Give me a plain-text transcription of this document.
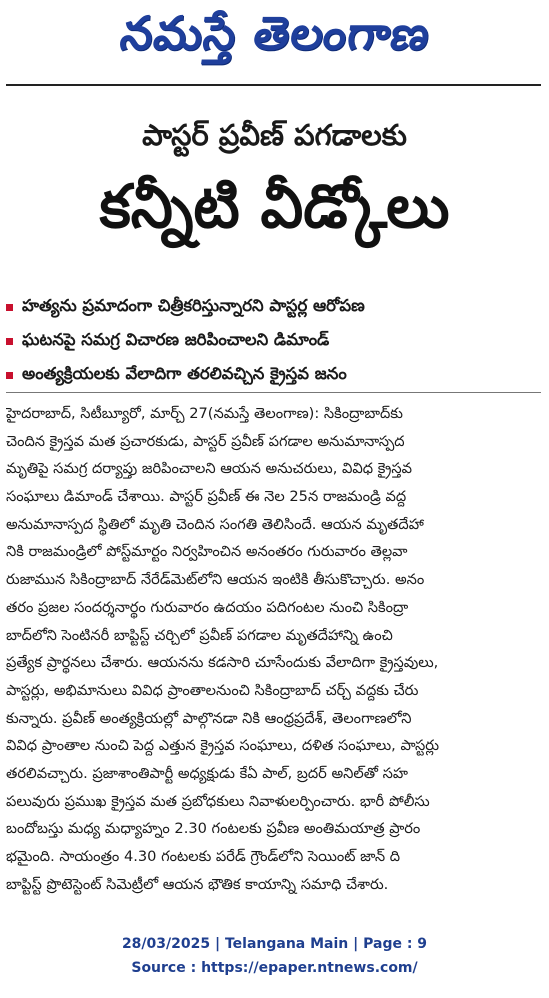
నమస్తే తెలంగాణ
పాస్టర్ ప్రవీణ్ పగడాలకు
కన్నీటి వీడ్కోలు
హత్యను ప్రమాదంగా చిత్రీకరిస్తున్నారని పాస్టర్ల ఆరోపణ
ఘటనపై సమగ్ర విచారణ జరిపించాలని డిమాండ్
అంత్యక్రియలకు వేలాదిగా తరలివచ్చిన క్రైస్తవ జనం
హైదరాబాద్, సిటీబ్యూరో, మార్చ్ 27(నమస్తే తెలంగాణ): సికింద్రాబాద్‌కు
చెందిన క్రైస్తవ మత ప్రచారకుడు, పాస్టర్ ప్రవీణ్ పగడాల అనుమానాస్పద
మృతిపై సమగ్ర దర్యాప్తు జరిపించాలని ఆయన అనుచరులు, వివిధ క్రైస్తవ
సంఘాలు డిమాండ్ చేశాయి. పాస్టర్ ప్రవీణ్ ఈ నెల 25న రాజమండ్రి వద్ద
అనుమానాస్పద స్థితిలో మృతి చెందిన సంగతి తెలిసిందే. ఆయన మృతదేహా
నికి రాజమండ్రిలో పోస్ట్‌మార్టం నిర్వహించిన అనంతరం గురువారం తెల్లవా
రుజామున సికింద్రాబాద్ నేరేడ్‌మెట్‌లోని ఆయన ఇంటికి తీసుకొచ్చారు. అనం
తరం ప్రజల సందర్శనార్థం గురువారం ఉదయం పదిగంటల నుంచి సికింద్రా
బాద్‌లోని సెంటినరీ బాప్టిస్ట్ చర్చిలో ప్రవీణ్ పగడాల మృతదేహాన్ని ఉంచి
ప్రత్యేక ప్రార్థనలు చేశారు. ఆయనను కడసారి చూసేందుకు వేలాదిగా క్రైస్తవులు,
పాస్టర్లు, అభిమానులు వివిధ ప్రాంతాలనుంచి సికింద్రాబాద్ చర్చ్ వద్దకు చేరు
కున్నారు. ప్రవీణ్ అంత్యక్రియల్లో పాల్గొనడా నికి ఆంధ్రప్రదేశ్, తెలంగాణలోని
వివిధ ప్రాంతాల నుంచి పెద్ద ఎత్తున క్రైస్తవ సంఘాలు, దళిత సంఘాలు, పాస్టర్లు
తరలివచ్చారు. ప్రజాశాంతిపార్టీ అధ్యక్షుడు కేఏ పాల్, బ్రదర్ అనిల్‌తో సహ
పలువురు ప్రముఖ క్రైస్తవ మత ప్రబోధకులు నివాళులర్పించారు. భారీ పోలీసు
బందోబస్తు మధ్య మధ్యాహ్నం 2.30 గంటలకు ప్రవీణ అంతిమయాత్ర ప్రారం
భమైంది. సాయంత్రం 4.30 గంటలకు పరేడ్ గ్రౌండ్‌లోని సెయింట్ జాన్ ది
బాప్టిస్ట్ ప్రొటెస్టెంట్ సిమెట్రీలో ఆయన భౌతిక కాయాన్ని సమాధి చేశారు.
28/03/2025 | Telangana Main | Page : 9
Source : https://epaper.ntnews.com/
